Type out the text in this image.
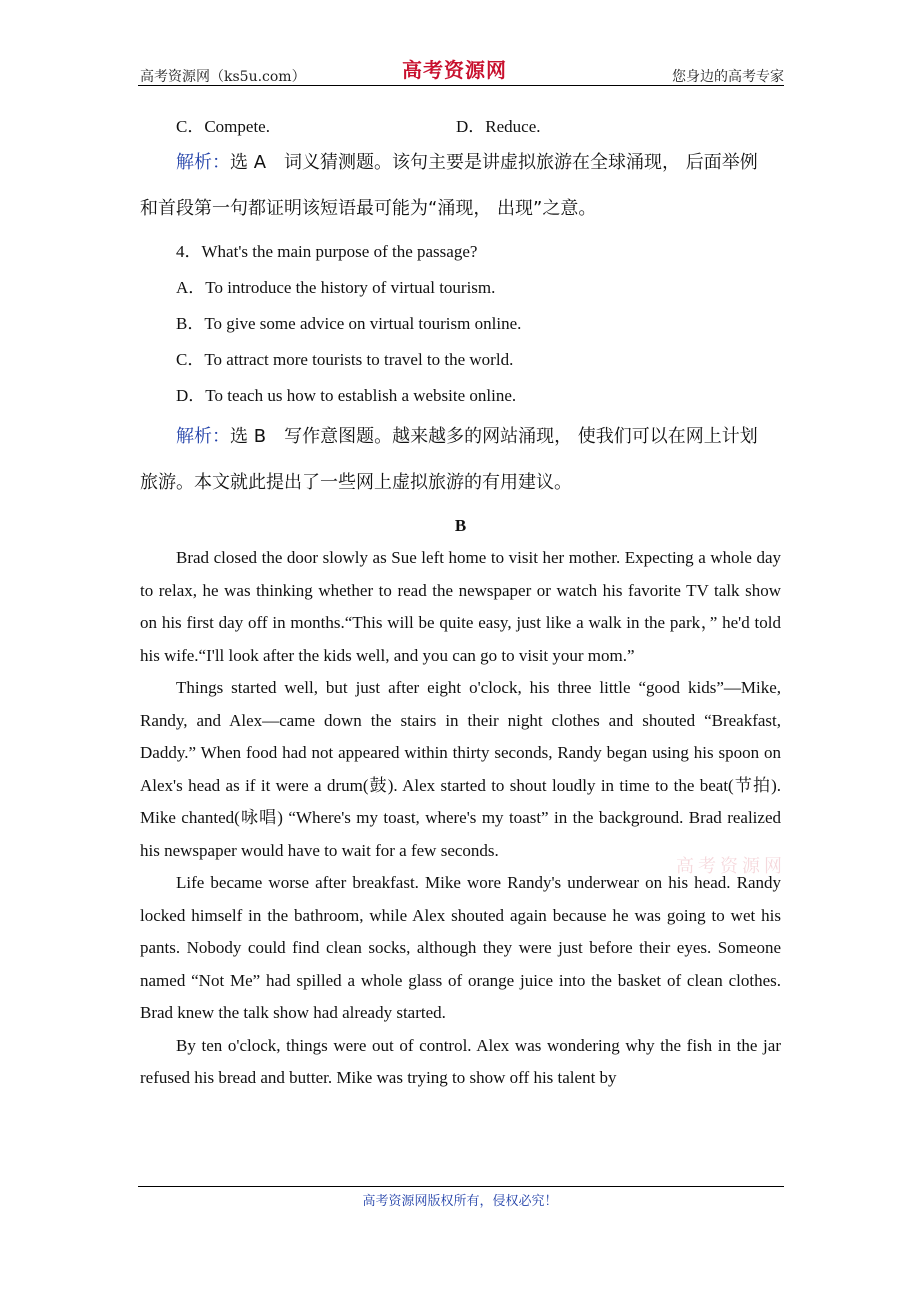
高考资源网（ks5u.com）	高考资源网	您身边的高考专家
C．Compete.	D．Reduce.

解析：选 A　词义猜测题。该句主要是讲虚拟旅游在全球涌现， 后面举例

和首段第一句都证明该短语最可能为“涌现， 出现”之意。

4．What's the main purpose of the passage?

A．To introduce the history of virtual tourism.

B．To give some advice on virtual tourism online.

C．To attract more tourists to travel to the world.

D．To teach us how to establish a website online.

解析：选 B　写作意图题。越来越多的网站涌现， 使我们可以在网上计划

旅游。本文就此提出了一些网上虚拟旅游的有用建议。

B

Brad closed the door slowly as Sue left home to visit her mother. Expecting a whole day to relax, he was thinking whether to read the newspaper or watch his favorite TV talk show on his first day off in months.“This will be quite easy, just like a walk in the park，” he'd told his wife.“I'll look after the kids well, and you can go to visit your mom.”

Things started well, but just after eight o'clock, his three little “good kids”—Mike, Randy, and Alex—came down the stairs in their night clothes and shouted “Breakfast, Daddy.” When food had not appeared within thirty seconds, Randy began using his spoon on Alex's head as if it were a drum(鼓). Alex started to shout loudly in time to the beat(节拍). Mike chanted(咏唱) “Where's my toast, where's my toast” in the background. Brad realized his newspaper would have to wait for a few seconds.

Life became worse after breakfast. Mike wore Randy's underwear on his head. Randy locked himself in the bathroom, while Alex shouted again because he was going to wet his pants. Nobody could find clean socks, although they were just before their eyes. Someone named “Not Me” had spilled a whole glass of orange juice into the basket of clean clothes. Brad knew the talk show had already started.

By ten o'clock, things were out of control. Alex was wondering why the fish in the jar refused his bread and butter. Mike was trying to show off his talent by

高考资源网
高考资源网版权所有，侵权必究！
